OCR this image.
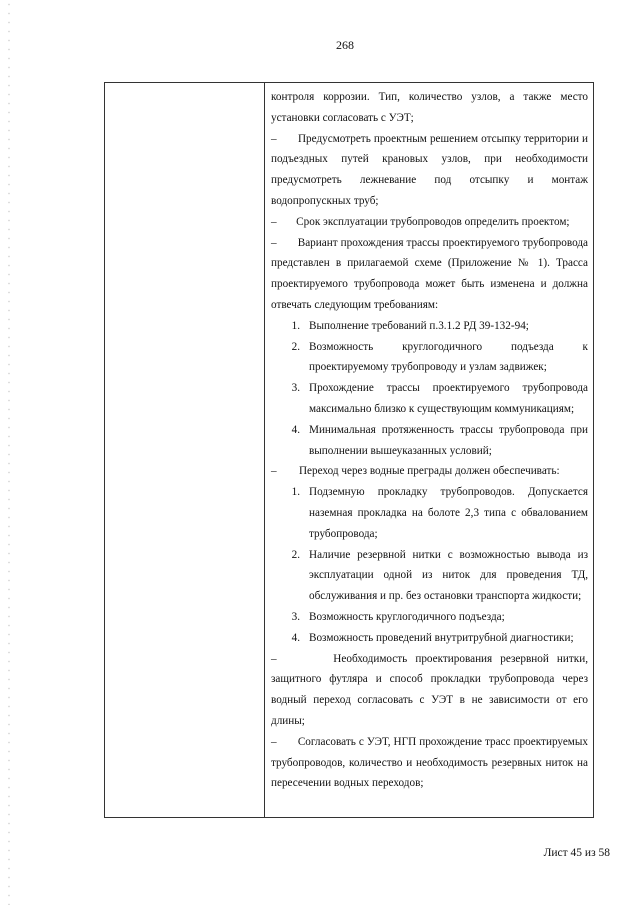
268

контроля коррозии. Тип, количество узлов, а также место установки согласовать с УЭТ;

–       Предусмотреть проектным решением отсыпку территории и подъездных путей крановых узлов, при необходимости предусмотреть лежневание под отсыпку и монтаж водопропускных труб;

–       Срок эксплуатации трубопроводов определить проектом;

–       Вариант прохождения трассы проектируемого трубопровода представлен в прилагаемой схеме (Приложение № 1). Трасса проектируемого трубопровода может быть изменена и должна отвечать следующим требованиям:

1. Выполнение требований п.3.1.2 РД 39-132-94;
2. Возможность круглогодичного подъезда к проектируемому трубопроводу и узлам задвижек;
3. Прохождение трассы проектируемого трубопровода максимально близко к существующим коммуникациям;
4. Минимальная протяженность трассы трубопровода при выполнении вышеуказанных условий;

–        Переход через водные преграды должен обеспечивать:

1. Подземную прокладку трубопроводов. Допускается наземная прокладка на болоте 2,3 типа с обвалованием трубопровода;
2. Наличие резервной нитки с возможностью вывода из эксплуатации одной из ниток для проведения ТД, обслуживания и пр. без остановки транспорта жидкости;
3. Возможность круглогодичного подъезда;
4. Возможность проведений внутритрубной диагностики;

–       Необходимость проектирования резервной нитки, защитного футляра и способ прокладки трубопровода через водный переход согласовать с УЭТ в не зависимости от его длины;

–       Согласовать с УЭТ, НГП прохождение трасс проектируемых трубопроводов, количество и необходимость резервных ниток на пересечении водных переходов;

Лист 45 из 58
